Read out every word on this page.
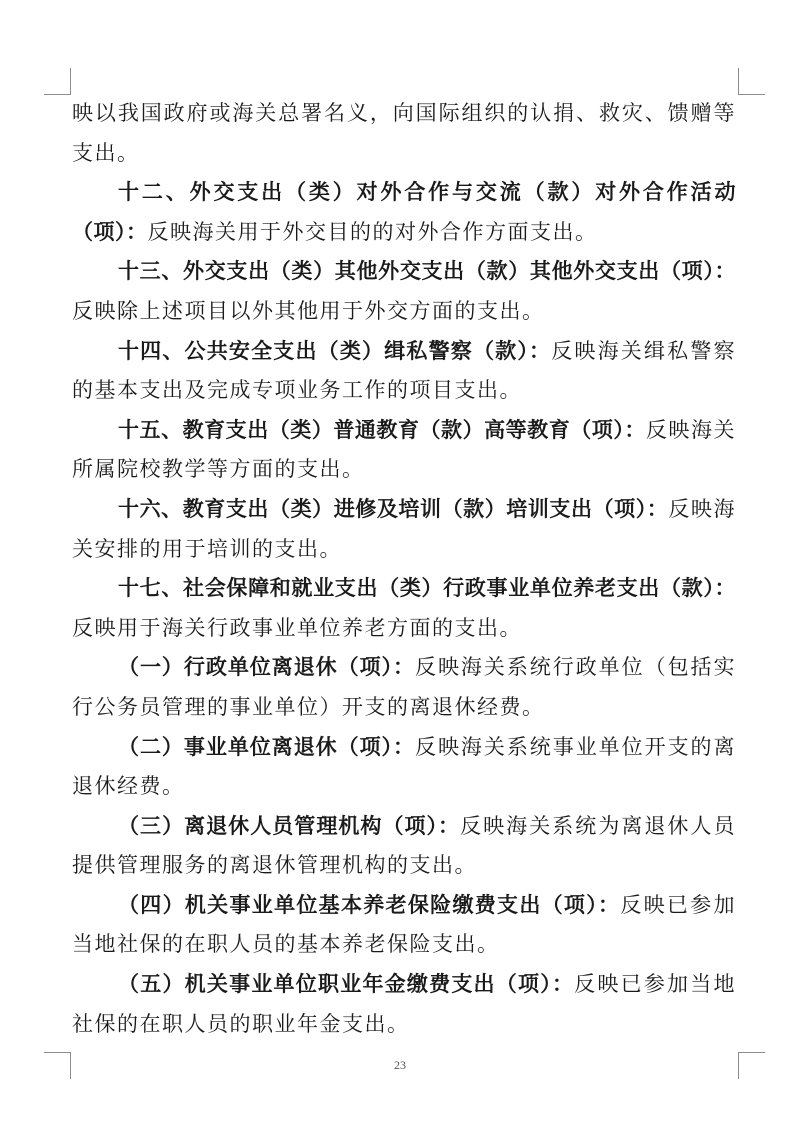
映以我国政府或海关总署名义，向国际组织的认捐、救灾、馈赠等支出。

十二、外交支出（类）对外合作与交流（款）对外合作活动（项）：反映海关用于外交目的的对外合作方面支出。

十三、外交支出（类）其他外交支出（款）其他外交支出（项）：反映除上述项目以外其他用于外交方面的支出。

十四、公共安全支出（类）缉私警察（款）：反映海关缉私警察的基本支出及完成专项业务工作的项目支出。

十五、教育支出（类）普通教育（款）高等教育（项）：反映海关所属院校教学等方面的支出。

十六、教育支出（类）进修及培训（款）培训支出（项）：反映海关安排的用于培训的支出。

十七、社会保障和就业支出（类）行政事业单位养老支出（款）：反映用于海关行政事业单位养老方面的支出。

（一）行政单位离退休（项）：反映海关系统行政单位（包括实行公务员管理的事业单位）开支的离退休经费。

（二）事业单位离退休（项）：反映海关系统事业单位开支的离退休经费。

（三）离退休人员管理机构（项）：反映海关系统为离退休人员提供管理服务的离退休管理机构的支出。

（四）机关事业单位基本养老保险缴费支出（项）：反映已参加当地社保的在职人员的基本养老保险支出。

（五）机关事业单位职业年金缴费支出（项）：反映已参加当地社保的在职人员的职业年金支出。

23
